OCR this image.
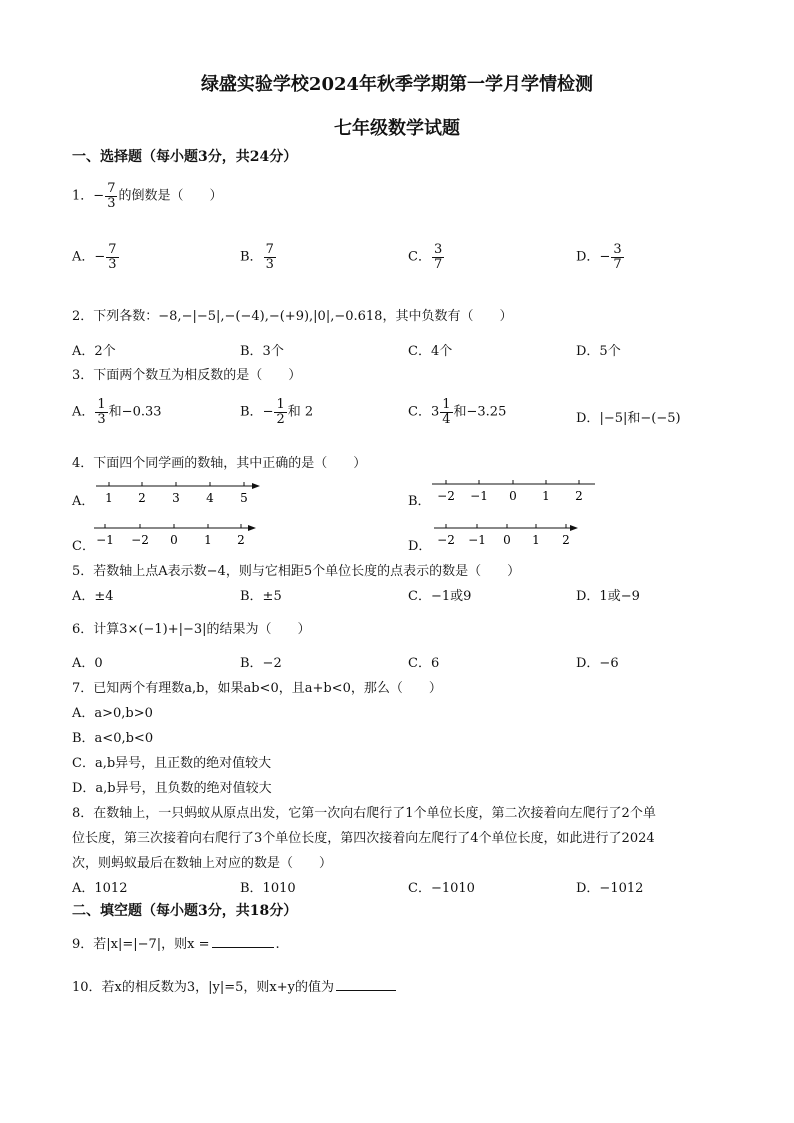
绿盛实验学校2024年秋季学期第一学月学情检测
七年级数学试题
一、选择题（每小题3分，共24分）
1．− $\frac{7}{3}$ 的倒数是（　　）
A．− $\frac{7}{3}$	B． $\frac{7}{3}$	C． $\frac{3}{7}$	D．− $\frac{3}{7}$
2．下列各数：−8,−|−5|,−(−4),−(+9),|0|,−0.618，其中负数有（　　）
A．2个	B．3个	C．4个	D．5个
3．下面两个数互为相反数的是（　　）
A． $\frac{1}{3}$ 和−0.33	B．− $\frac{1}{2}$ 和 2	C．$3 \frac{1}{4}$ 和−3.25	D．|−5|和−(−5)
4．下面四个同学画的数轴，其中正确的是（　　）
A． 1 2 3 4 5	B． −2 −1 0 1 2
C． −1 −2 0 1 2	D． −2 −1 0 1 2
5．若数轴上点A表示数−4，则与它相距5个单位长度的点表示的数是（　　）
A．±4	B．±5	C．−1或9	D．1或−9
6．计算3×(−1)+|−3|的结果为（　　）
A．0	B．−2	C．6	D．−6
7．已知两个有理数a,b，如果ab<0，且a+b<0，那么（　　）
A．a>0,b>0
B．a<0,b<0
C．a,b异号，且正数的绝对值较大
D．a,b异号，且负数的绝对值较大
8．在数轴上，一只蚂蚁从原点出发，它第一次向右爬行了1个单位长度，第二次接着向左爬行了2个单
位长度，第三次接着向右爬行了3个单位长度，第四次接着向左爬行了4个单位长度，如此进行了2024
次，则蚂蚁最后在数轴上对应的数是（　　）
A．1012	B．1010	C．−1010	D．−1012
二、填空题（每小题3分，共18分）
9．若|x|=|−7|，则x =	.
10．若x的相反数为3，|y|=5，则x+y的值为
